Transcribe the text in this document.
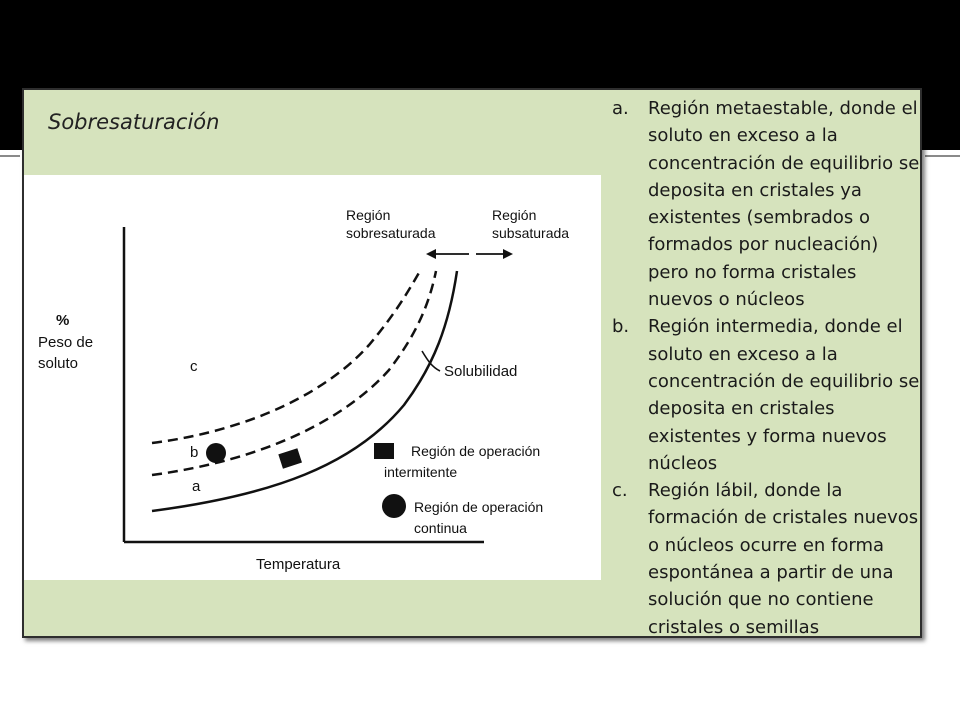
Sobresaturación
%
Peso de
soluto
Temperatura
Región
sobresaturada
Región
subsaturada
Solubilidad
c
b
a
Región de operación
intermitente
Región de operación
continua
a.	Región metaestable, donde el soluto en exceso a la concentración de equilibrio se deposita en cristales ya existentes (sembrados o formados por nucleación) pero no forma cristales nuevos o núcleos
b.	Región intermedia, donde el soluto en exceso a la concentración de equilibrio se deposita en cristales existentes y forma nuevos núcleos
c.	Región lábil, donde la formación de cristales nuevos o núcleos ocurre en forma espontánea a partir de una solución que no contiene cristales o semillas
